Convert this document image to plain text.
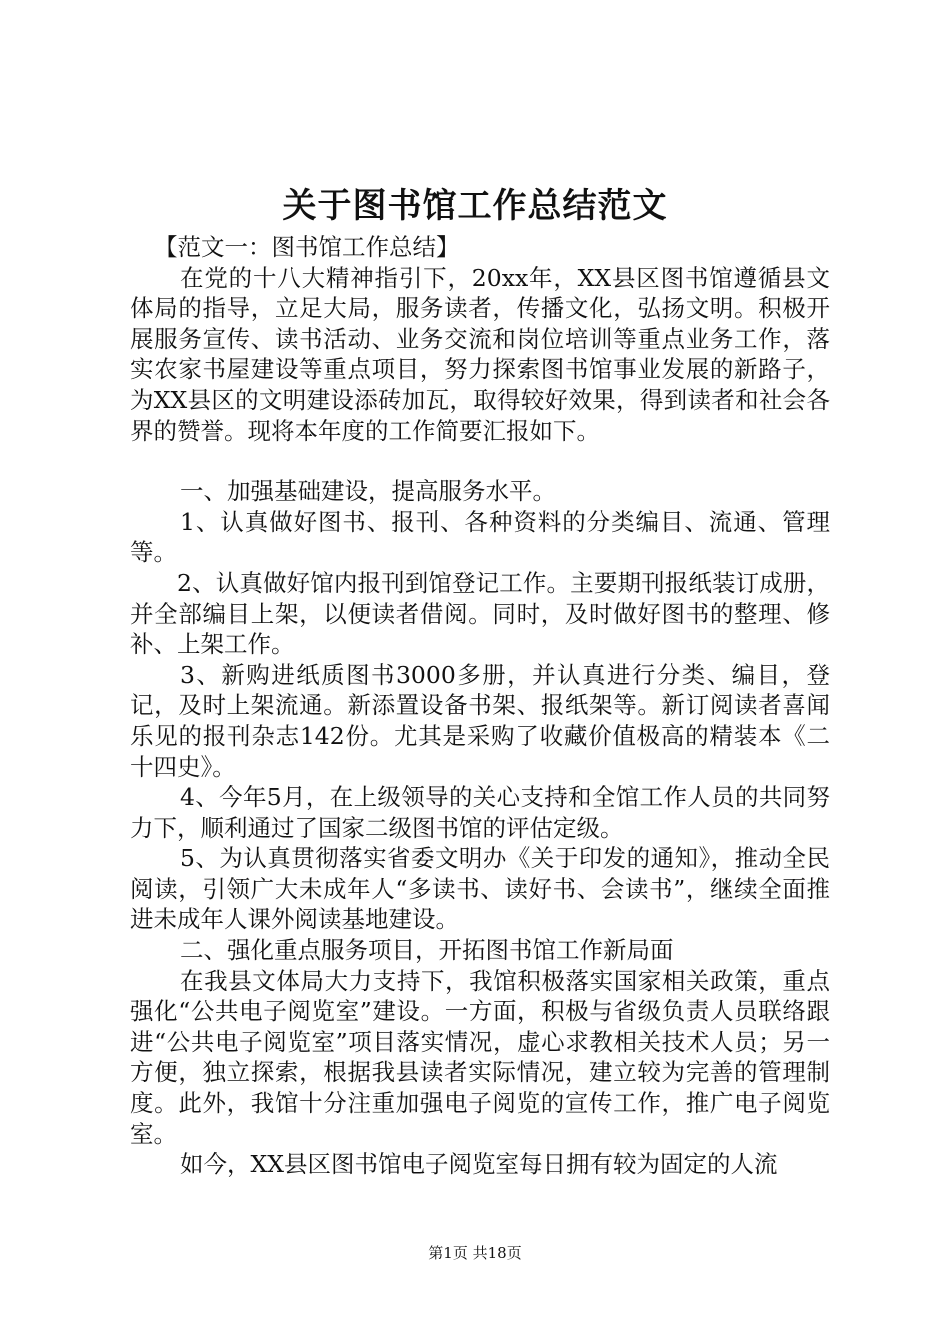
关于图书馆工作总结范文

【范文一：图书馆工作总结】

在党的十八大精神指引下，20xx年，XX县区图书馆遵循县文体局的指导，立足大局，服务读者，传播文化，弘扬文明。积极开展服务宣传、读书活动、业务交流和岗位培训等重点业务工作，落实农家书屋建设等重点项目，努力探索图书馆事业发展的新路子，为XX县区的文明建设添砖加瓦，取得较好效果，得到读者和社会各界的赞誉。现将本年度的工作简要汇报如下。

一、加强基础建设，提高服务水平。

1、认真做好图书、报刊、各种资料的分类编目、流通、管理等。

2、认真做好馆内报刊到馆登记工作。主要期刊报纸装订成册，并全部编目上架，以便读者借阅。同时，及时做好图书的整理、修补、上架工作。

3、新购进纸质图书3000多册，并认真进行分类、编目，登记，及时上架流通。新添置设备书架、报纸架等。新订阅读者喜闻乐见的报刊杂志142份。尤其是采购了收藏价值极高的精装本《二十四史》。

4、今年5月，在上级领导的关心支持和全馆工作人员的共同努力下，顺利通过了国家二级图书馆的评估定级。

5、为认真贯彻落实省委文明办《关于印发的通知》，推动全民阅读，引领广大未成年人“多读书、读好书、会读书”，继续全面推进未成年人课外阅读基地建设。

二、强化重点服务项目，开拓图书馆工作新局面

在我县文体局大力支持下，我馆积极落实国家相关政策，重点强化“公共电子阅览室”建设。一方面，积极与省级负责人员联络跟进“公共电子阅览室”项目落实情况，虚心求教相关技术人员；另一方便，独立探索，根据我县读者实际情况，建立较为完善的管理制度。此外，我馆十分注重加强电子阅览的宣传工作，推广电子阅览室。

如今，XX县区图书馆电子阅览室每日拥有较为固定的人流

第1页 共18页
